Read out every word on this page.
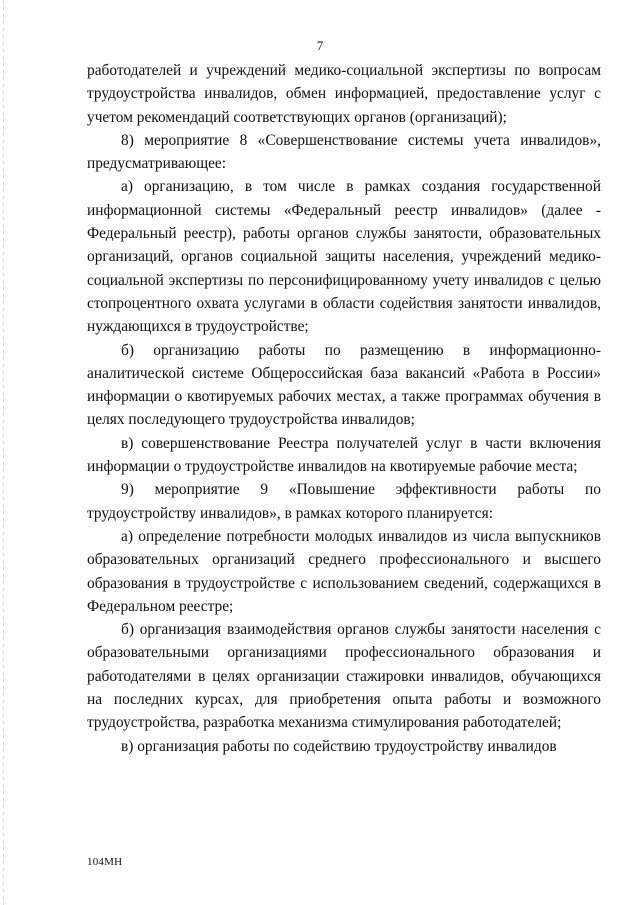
7

работодателей и учреждений медико-социальной экспертизы по вопросам трудоустройства инвалидов, обмен информацией, предоставление услуг с учетом рекомендаций соответствующих органов (организаций);

8) мероприятие 8 «Совершенствование системы учета инвалидов», предусматривающее:

а) организацию, в том числе в рамках создания государственной информационной системы «Федеральный реестр инвалидов» (далее - Федеральный реестр), работы органов службы занятости, образовательных организаций, органов социальной защиты населения, учреждений медико-социальной экспертизы по персонифицированному учету инвалидов с целью стопроцентного охвата услугами в области содействия занятости инвалидов, нуждающихся в трудоустройстве;

б) организацию работы по размещению в информационно-аналитической системе Общероссийская база вакансий «Работа в России» информации о квотируемых рабочих местах, а также программах обучения в целях последующего трудоустройства инвалидов;

в) совершенствование Реестра получателей услуг в части включения информации о трудоустройстве инвалидов на квотируемые рабочие места;

9) мероприятие 9 «Повышение эффективности работы по трудоустройству инвалидов», в рамках которого планируется:

а) определение потребности молодых инвалидов из числа выпускников образовательных организаций среднего профессионального и высшего образования в трудоустройстве с использованием сведений, содержащихся в Федеральном реестре;

б) организация взаимодействия органов службы занятости населения с образовательными организациями профессионального образования и работодателями в целях организации стажировки инвалидов, обучающихся на последних курсах, для приобретения опыта работы и возможного трудоустройства, разработка механизма стимулирования работодателей;

в) организация работы по содействию трудоустройству инвалидов

104МН
